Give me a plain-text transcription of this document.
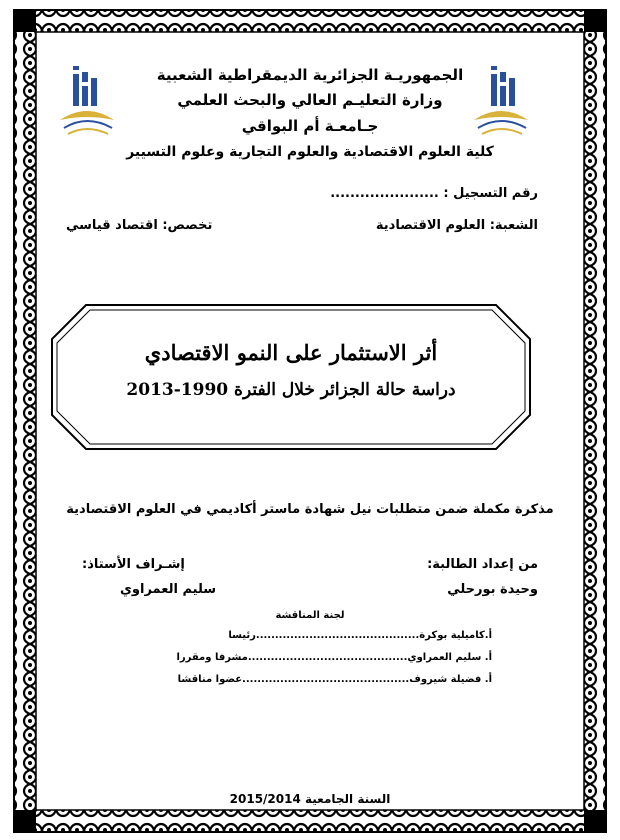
الجمهوريـة الجزائرية الديمقراطية الشعبية
وزارة التعليـم العالي والبحث العلمي
جـامعـة أم البواقي
كلية العلوم الاقتصادية والعلوم التجارية وعلوم التسيير
رقم التسجيل : ......................
الشعبة: العلوم الاقتصادية
تخصص: اقتصاد قياسي
أثر الاستثمار على النمو الاقتصادي
دراسة حالة الجزائر خلال الفترة 1990-2013
مذكرة مكملة ضمن متطلبات نيل شهادة ماستر أكاديمي في العلوم الاقتصادية
من إعداد الطالبة:
وحيدة بورحلي
إشـراف الأستاذ:
سليم العمراوي
لجنة المناقشة
أ.كاميلية بوكرة...........................................رئيسا
أ. سليم العمراوي..........................................مشرفا ومقررا
أ. فضيلة شيروف............................................عضوا مناقشا
السنة الجامعية 2015/2014
